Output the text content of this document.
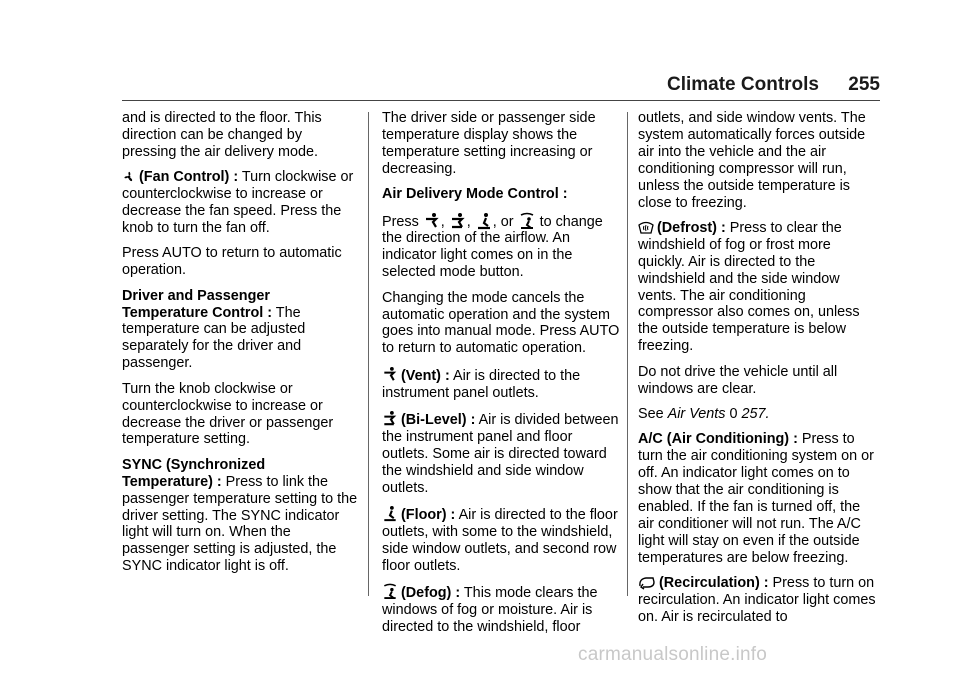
Climate Controls 255

and is directed to the floor. This direction can be changed by pressing the air delivery mode.

(Fan Control) : Turn clockwise or counterclockwise to increase or decrease the fan speed. Press the knob to turn the fan off.

Press AUTO to return to automatic operation.

Driver and Passenger Temperature Control : The temperature can be adjusted separately for the driver and passenger.

Turn the knob clockwise or counterclockwise to increase or decrease the driver or passenger temperature setting.

SYNC (Synchronized Temperature) : Press to link the passenger temperature setting to the driver setting. The SYNC indicator light will turn on. When the passenger setting is adjusted, the SYNC indicator light is off.

The driver side or passenger side temperature display shows the temperature setting increasing or decreasing.

Air Delivery Mode Control :

Press , , , or to change the direction of the airflow. An indicator light comes on in the selected mode button.

Changing the mode cancels the automatic operation and the system goes into manual mode. Press AUTO to return to automatic operation.

(Vent) : Air is directed to the instrument panel outlets.

(Bi-Level) : Air is divided between the instrument panel and floor outlets. Some air is directed toward the windshield and side window outlets.

(Floor) : Air is directed to the floor outlets, with some to the windshield, side window outlets, and second row floor outlets.

(Defog) : This mode clears the windows of fog or moisture. Air is directed to the windshield, floor

outlets, and side window vents. The system automatically forces outside air into the vehicle and the air conditioning compressor will run, unless the outside temperature is close to freezing.

(Defrost) : Press to clear the windshield of fog or frost more quickly. Air is directed to the windshield and the side window vents. The air conditioning compressor also comes on, unless the outside temperature is below freezing.

Do not drive the vehicle until all windows are clear.

See Air Vents 0 257.

A/C (Air Conditioning) : Press to turn the air conditioning system on or off. An indicator light comes on to show that the air conditioning is enabled. If the fan is turned off, the air conditioner will not run. The A/C light will stay on even if the outside temperatures are below freezing.

(Recirculation) : Press to turn on recirculation. An indicator light comes on. Air is recirculated to

carmanualsonline.info
